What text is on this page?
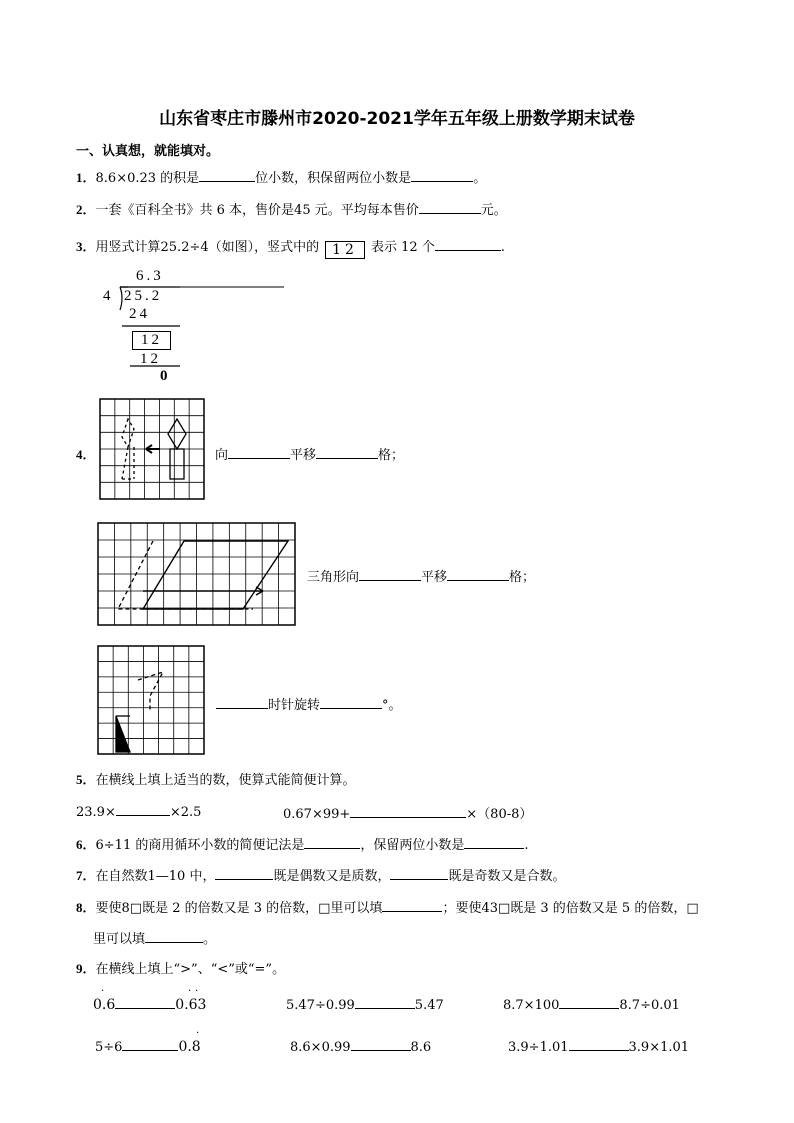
山东省枣庄市滕州市2020-2021学年五年级上册数学期末试卷
一、认真想，就能填对。
1．8.6×0.23 的积是	位小数，积保留两位小数是	。
2．一套《百科全书》共 6 本，售价是45 元。平均每本售价	元。
3．用竖式计算25.2÷4（如图），竖式中的 12 表示 12 个	.
6.3
4 25.2
24
12
12
0
4．	向	平移	格；
三角形向	平移	格；
时针旋转	°。
5．在横线上填上适当的数，使算式能简便计算。
23.9×	×2.5	0.67×99+	×（80-8）
6．6÷11 的商用循环小数的简便记法是	，保留两位小数是	.
7．在自然数1—10 中，	既是偶数又是质数，	既是奇数又是合数。
8．要使8□既是 2 的倍数又是 3 的倍数，□里可以填	；要使43□既是 3 的倍数又是 5 的倍数，□
里可以填	。
9．在横线上填上“>”、“<”或“=”。
0.6	0.63	5.47÷0.99	5.47	8.7×100	8.7÷0.01
5÷6	0.8	8.6×0.99	8.6	3.9÷1.01	3.9×1.01
·	· ·
·
